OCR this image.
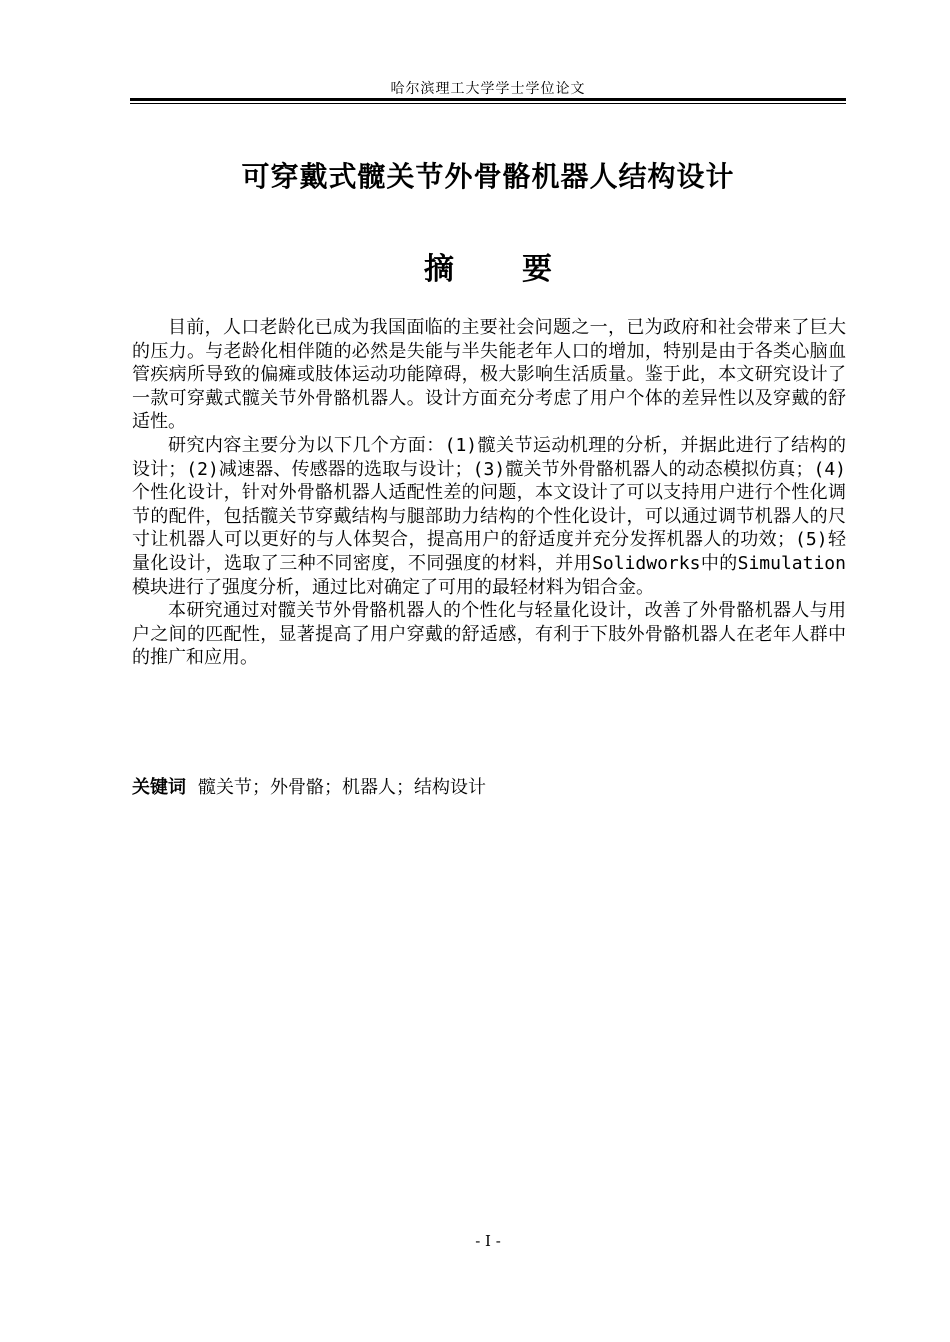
哈尔滨理工大学学士学位论文
可穿戴式髋关节外骨骼机器人结构设计
摘 要

目前，人口老龄化已成为我国面临的主要社会问题之一，已为政府和社会带来了巨大的压力。与老龄化相伴随的必然是失能与半失能老年人口的增加，特别是由于各类心脑血管疾病所导致的偏瘫或肢体运动功能障碍，极大影响生活质量。鉴于此，本文研究设计了一款可穿戴式髋关节外骨骼机器人。设计方面充分考虑了用户个体的差异性以及穿戴的舒适性。

研究内容主要分为以下几个方面：(1)髋关节运动机理的分析，并据此进行了结构的设计；(2)减速器、传感器的选取与设计；(3)髋关节外骨骼机器人的动态模拟仿真；(4)个性化设计，针对外骨骼机器人适配性差的问题，本文设计了可以支持用户进行个性化调节的配件，包括髋关节穿戴结构与腿部助力结构的个性化设计，可以通过调节机器人的尺寸让机器人可以更好的与人体契合，提高用户的舒适度并充分发挥机器人的功效；(5)轻量化设计，选取了三种不同密度，不同强度的材料，并用Solidworks中的Simulation模块进行了强度分析，通过比对确定了可用的最轻材料为铝合金。

本研究通过对髋关节外骨骼机器人的个性化与轻量化设计，改善了外骨骼机器人与用户之间的匹配性，显著提高了用户穿戴的舒适感，有利于下肢外骨骼机器人在老年人群中的推广和应用。

关键词 髋关节；外骨骼；机器人；结构设计
- I -
